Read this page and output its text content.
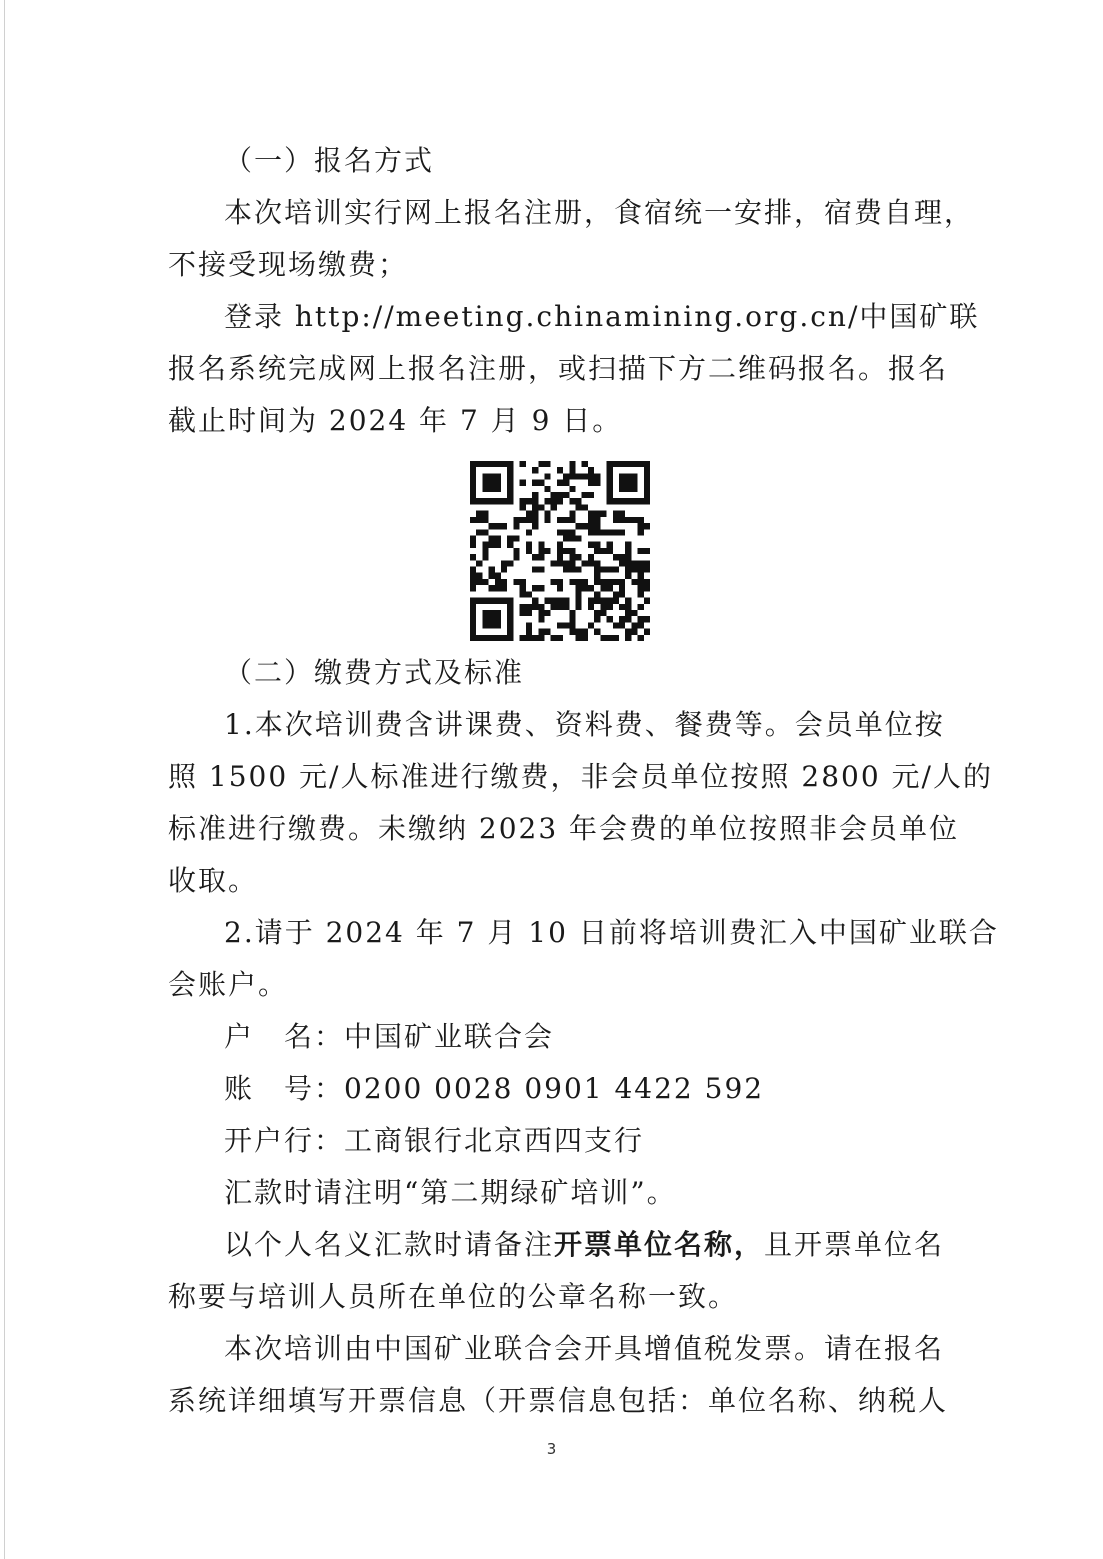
（一）报名方式
本次培训实行网上报名注册，食宿统一安排，宿费自理，
不接受现场缴费；
登录 http://meeting.chinamining.org.cn/中国矿联
报名系统完成网上报名注册，或扫描下方二维码报名。报名
截止时间为 2024 年 7 月 9 日。
（二）缴费方式及标准
1.本次培训费含讲课费、资料费、餐费等。会员单位按
照 1500 元/人标准进行缴费，非会员单位按照 2800 元/人的
标准进行缴费。未缴纳 2023 年会费的单位按照非会员单位
收取。
2.请于 2024 年 7 月 10 日前将培训费汇入中国矿业联合
会账户。
户　名：中国矿业联合会
账　号：0200 0028 0901 4422 592
开户行：工商银行北京西四支行
汇款时请注明“第二期绿矿培训”。
以个人名义汇款时请备注开票单位名称，且开票单位名
称要与培训人员所在单位的公章名称一致。
本次培训由中国矿业联合会开具增值税发票。请在报名
系统详细填写开票信息（开票信息包括：单位名称、纳税人
3
